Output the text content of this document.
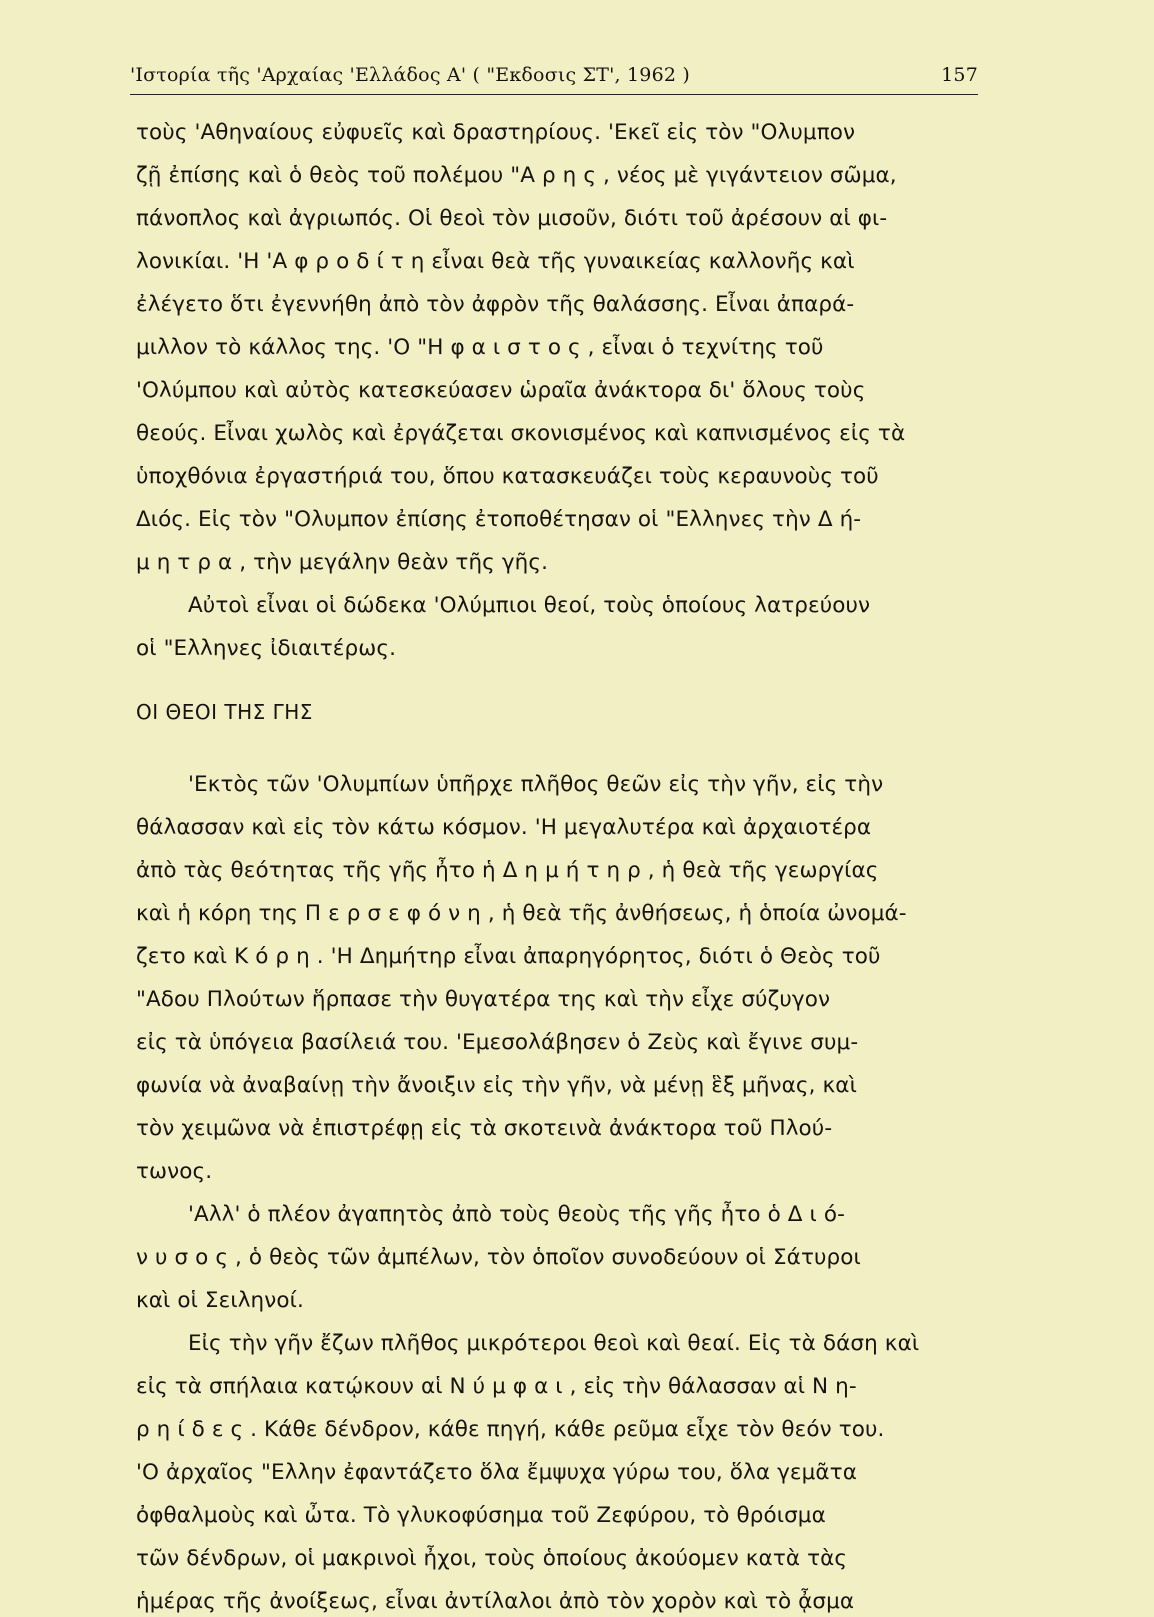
'Ιστορία τῆς 'Αρχαίας 'Ελλάδος Α' ( "Εκδοσις ΣΤ', 1962 )	157
τοὺς 'Αθηναίους εὐφυεῖς καὶ δραστηρίους. 'Εκεῖ εἰς τὸν "Ολυμπον
ζῇ ἐπίσης καὶ ὁ θεὸς τοῦ πολέμου "Α ρ η ς , νέος μὲ γιγάντειον σῶμα,
πάνοπλος καὶ ἀγριωπός. Οἱ θεοὶ τὸν μισοῦν, διότι τοῦ ἀρέσουν αἱ φι-
λονικίαι. 'Η 'Α φ ρ ο δ ί τ η εἶναι θεὰ τῆς γυναικείας καλλονῆς καὶ
ἐλέγετο ὅτι ἐγεννήθη ἀπὸ τὸν ἀφρὸν τῆς θαλάσσης. Εἶναι ἀπαρά-
μιλλον τὸ κάλλος της. 'Ο "Η φ α ι σ τ ο ς , εἶναι ὁ τεχνίτης τοῦ
'Ολύμπου καὶ αὐτὸς κατεσκεύασεν ὡραῖα ἀνάκτορα δι' ὅλους τοὺς
θεούς. Εἶναι χωλὸς καὶ ἐργάζεται σκονισμένος καὶ καπνισμένος εἰς τὰ
ὑποχθόνια ἐργαστήριά του, ὅπου κατασκευάζει τοὺς κεραυνοὺς τοῦ
Διός. Εἰς τὸν "Ολυμπον ἐπίσης ἐτοποθέτησαν οἱ "Ελληνες τὴν Δ ή-
μ η τ ρ α , τὴν μεγάλην θεὰν τῆς γῆς.
Αὐτοὶ εἶναι οἱ δώδεκα 'Ολύμπιοι θεοί, τοὺς ὁποίους λατρεύουν
οἱ "Ελληνες ἰδιαιτέρως.
ΟΙ ΘΕΟΙ ΤΗΣ ΓΗΣ
'Εκτὸς τῶν 'Ολυμπίων ὑπῆρχε πλῆθος θεῶν εἰς τὴν γῆν, εἰς τὴν
θάλασσαν καὶ εἰς τὸν κάτω κόσμον. 'Η μεγαλυτέρα καὶ ἀρχαιοτέρα
ἀπὸ τὰς θεότητας τῆς γῆς ἦτο ἡ Δ η μ ή τ η ρ , ἡ θεὰ τῆς γεωργίας
καὶ ἡ κόρη της Π ε ρ σ ε φ ό ν η , ἡ θεὰ τῆς ἀνθήσεως, ἡ ὁποία ὠνομά-
ζετο καὶ Κ ό ρ η . 'Η Δημήτηρ εἶναι ἀπαρηγόρητος, διότι ὁ Θεὸς τοῦ
"Αδου Πλούτων ἥρπασε τὴν θυγατέρα της καὶ τὴν εἶχε σύζυγον
εἰς τὰ ὑπόγεια βασίλειά του. 'Εμεσολάβησεν ὁ Ζεὺς καὶ ἔγινε συμ-
φωνία νὰ ἀναβαίνῃ τὴν ἄνοιξιν εἰς τὴν γῆν, νὰ μένῃ ἓξ μῆνας, καὶ
τὸν χειμῶνα νὰ ἐπιστρέφῃ εἰς τὰ σκοτεινὰ ἀνάκτορα τοῦ Πλού-
τωνος.
'Αλλ' ὁ πλέον ἀγαπητὸς ἀπὸ τοὺς θεοὺς τῆς γῆς ἦτο ὁ Δ ι ό-
ν υ σ ο ς , ὁ θεὸς τῶν ἀμπέλων, τὸν ὁποῖον συνοδεύουν οἱ Σάτυροι
καὶ οἱ Σειληνοί.
Εἰς τὴν γῆν ἔζων πλῆθος μικρότεροι θεοὶ καὶ θεαί. Εἰς τὰ δάση καὶ
εἰς τὰ σπήλαια κατῴκουν αἱ Ν ύ μ φ α ι , εἰς τὴν θάλασσαν αἱ Ν η-
ρ η ί δ ε ς . Κάθε δένδρον, κάθε πηγή, κάθε ρεῦμα εἶχε τὸν θεόν του.
'Ο ἀρχαῖος "Ελλην ἐφαντάζετο ὅλα ἔμψυχα γύρω του, ὅλα γεμᾶτα
ὀφθαλμοὺς καὶ ὦτα. Τὸ γλυκοφύσημα τοῦ Ζεφύρου, τὸ θρόισμα
τῶν δένδρων, οἱ μακρινοὶ ἦχοι, τοὺς ὁποίους ἀκούομεν κατὰ τὰς
ἡμέρας τῆς ἀνοίξεως, εἶναι ἀντίλαλοι ἀπὸ τὸν χορὸν καὶ τὸ ᾆσμα
